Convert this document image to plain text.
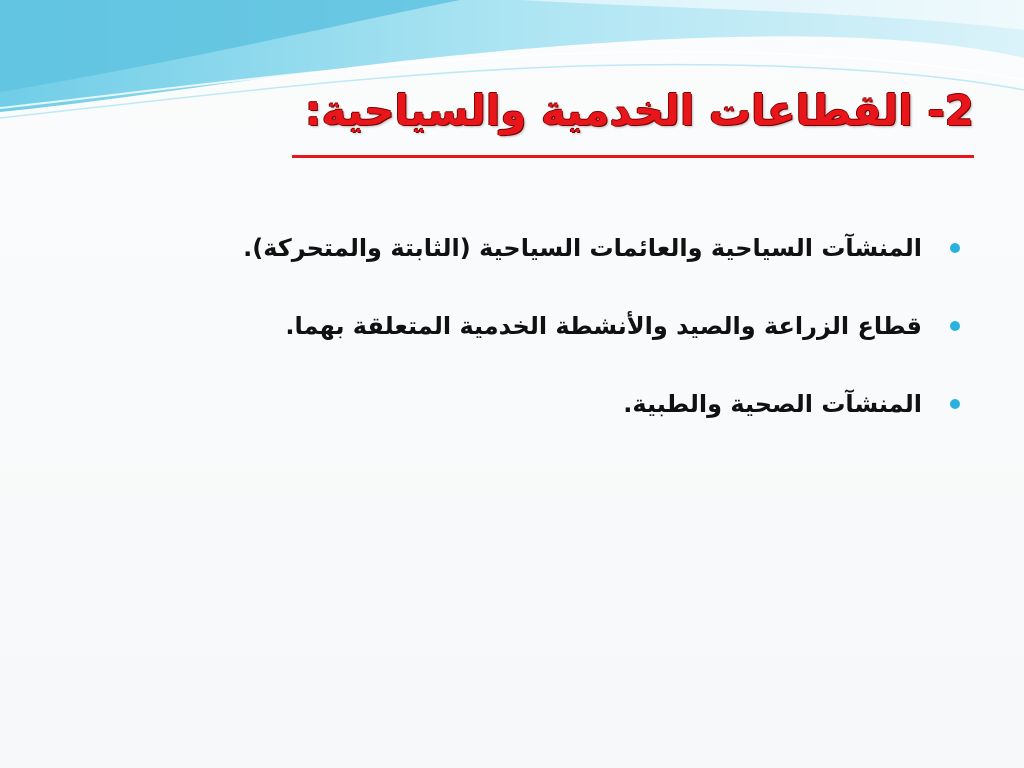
2- القطاعات الخدمية والسياحية:
المنشآت السياحية والعائمات السياحية (الثابتة والمتحركة).
قطاع الزراعة والصيد والأنشطة الخدمية المتعلقة بهما.
المنشآت الصحية والطبية.
